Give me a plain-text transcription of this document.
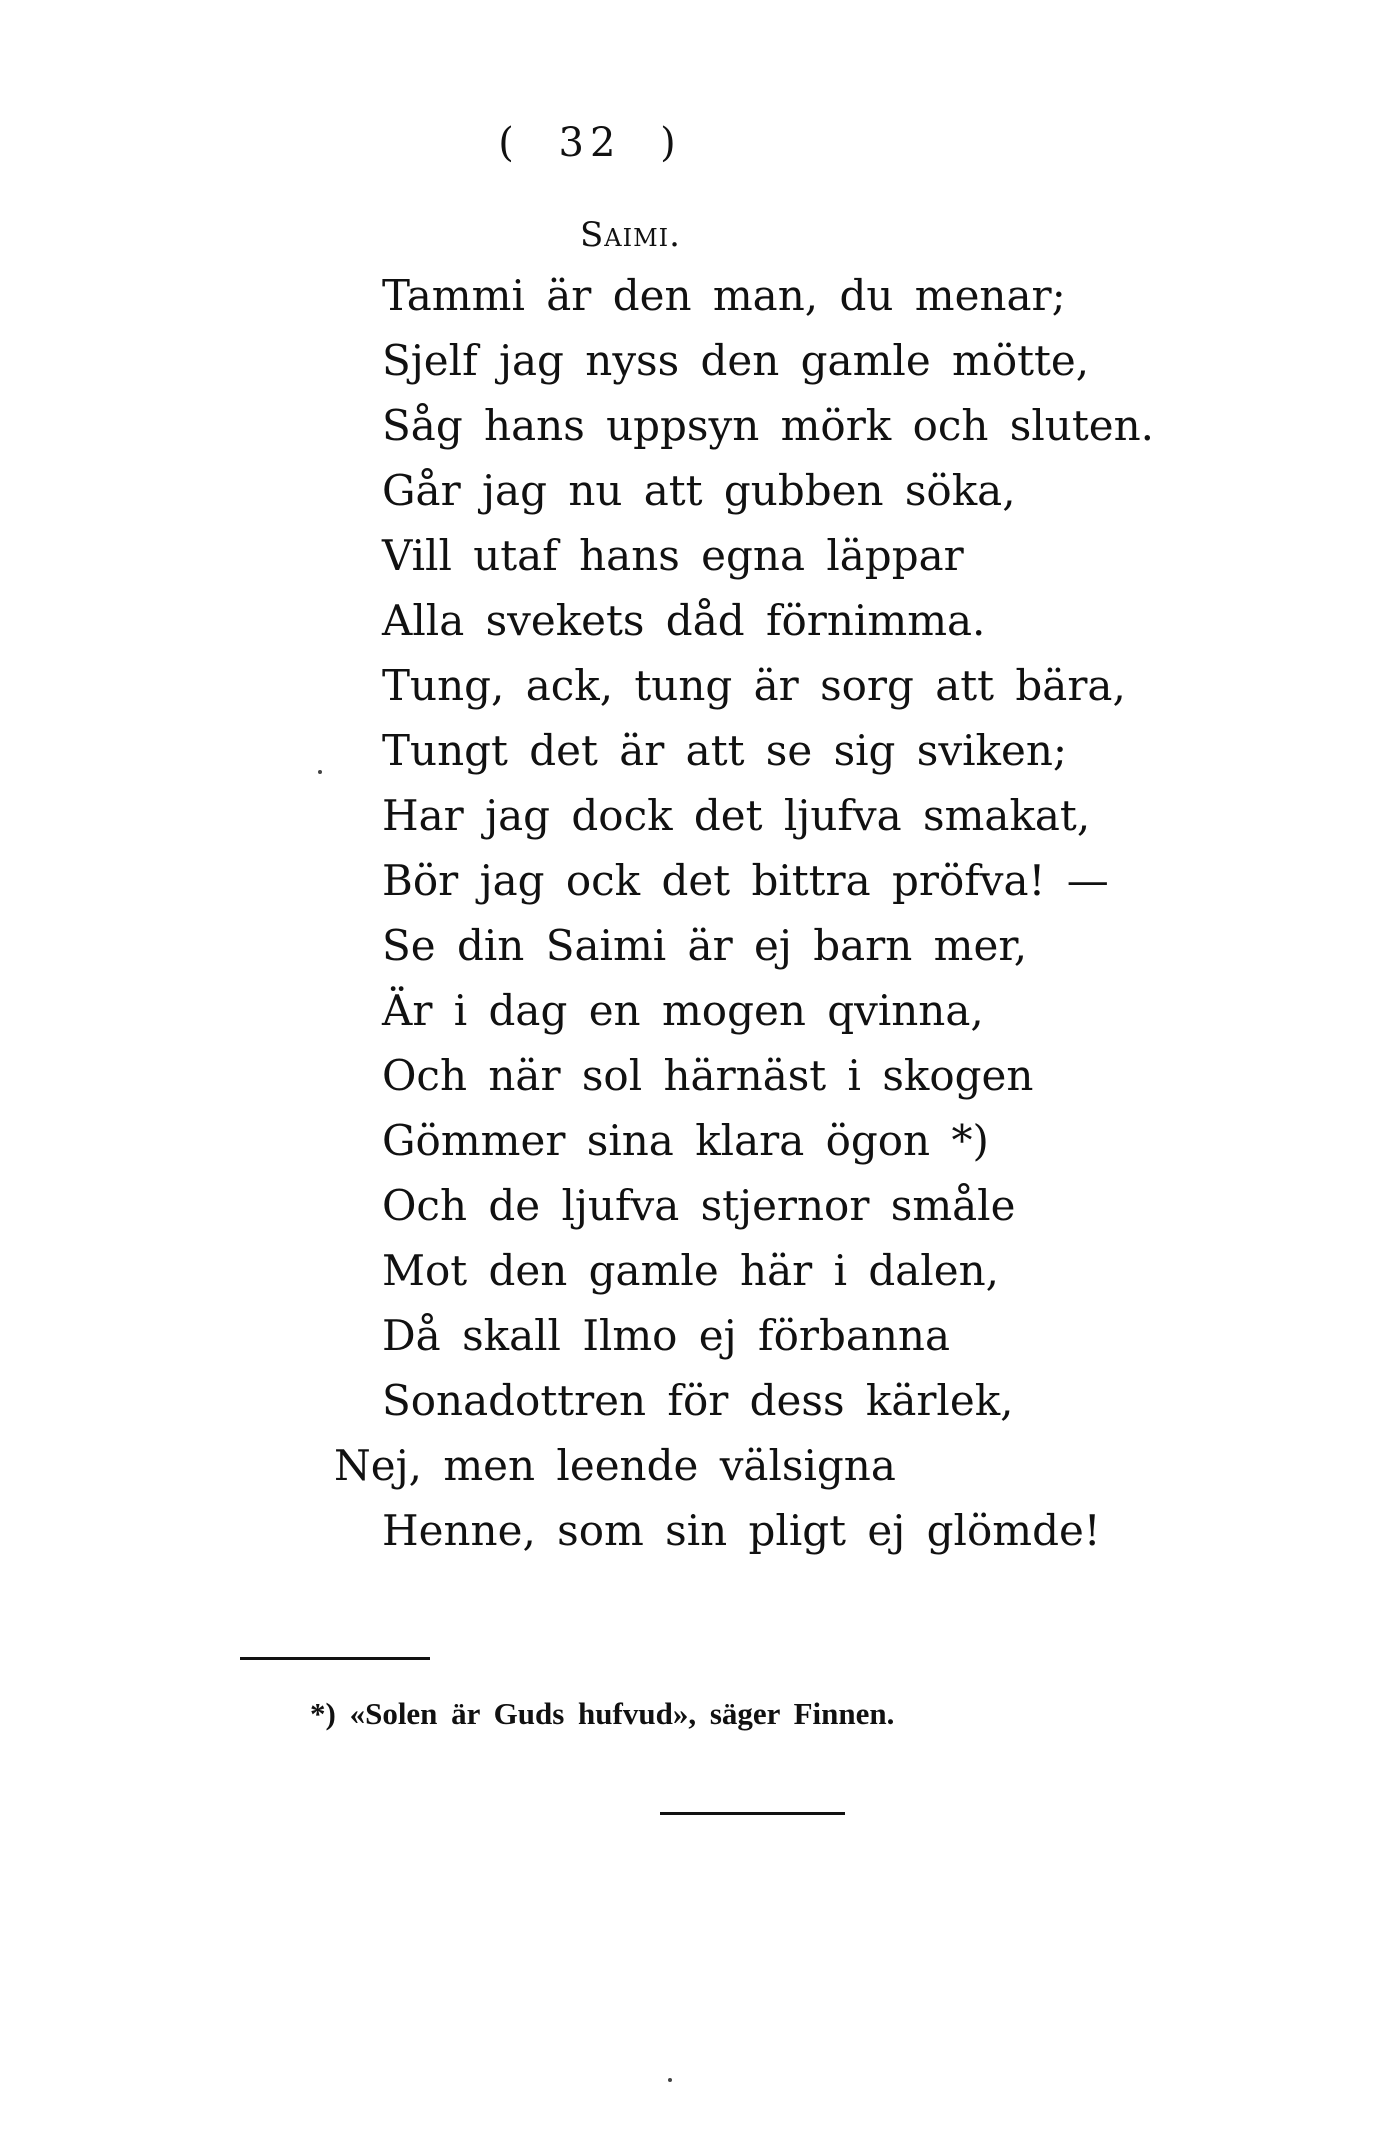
( 32 )
Saimi.
Tammi är den man, du menar;
Sjelf jag nyss den gamle mötte,
Såg hans uppsyn mörk och sluten.
Går jag nu att gubben söka,
Vill utaf hans egna läppar
Alla svekets dåd förnimma.
Tung, ack, tung är sorg att bära,
Tungt det är att se sig sviken;
Har jag dock det ljufva smakat,
Bör jag ock det bittra pröfva! —
Se din Saimi är ej barn mer,
Är i dag en mogen qvinna,
Och när sol härnäst i skogen
Gömmer sina klara ögon *)
Och de ljufva stjernor småle
Mot den gamle här i dalen,
Då skall Ilmo ej förbanna
Sonadottren för dess kärlek,
Nej, men leende välsigna
Henne, som sin pligt ej glömde!
*) «Solen är Guds hufvud», säger Finnen.
